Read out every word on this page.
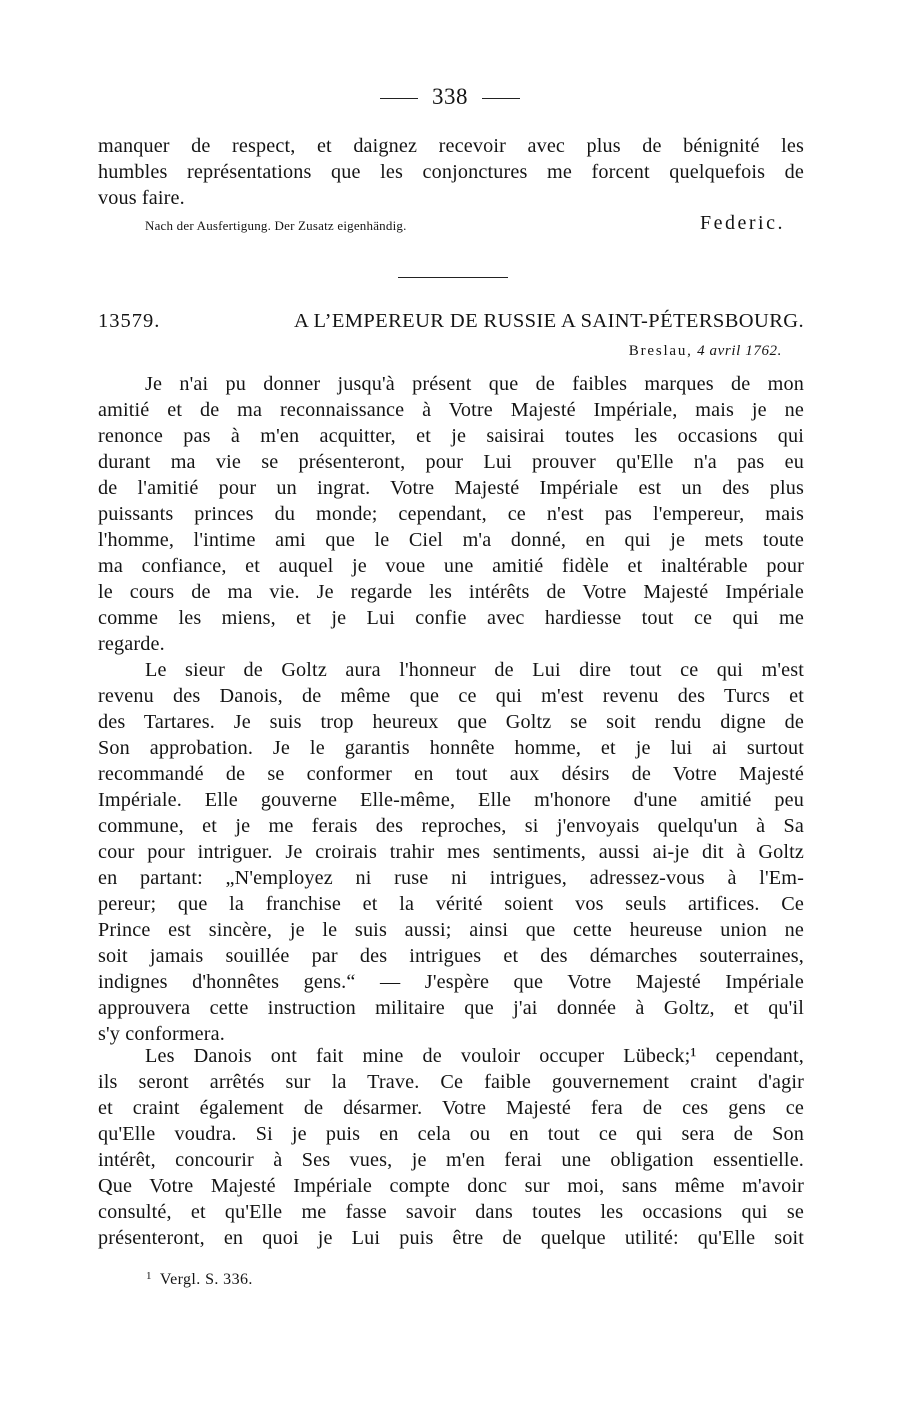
338
manquer de respect, et daignez recevoir avec plus de bénignité les
humbles représentations que les conjonctures me forcent quelquefois de
vous faire.
Nach der Ausfertigung. Der Zusatz eigenhändig.	Federic.
13579.	A L’EMPEREUR DE RUSSIE A SAINT-PÉTERSBOURG.
Breslau, 4 avril 1762.
Je n'ai pu donner jusqu'à présent que de faibles marques de mon
amitié et de ma reconnaissance à Votre Majesté Impériale, mais je ne
renonce pas à m'en acquitter, et je saisirai toutes les occasions qui
durant ma vie se présenteront, pour Lui prouver qu'Elle n'a pas eu
de l'amitié pour un ingrat. Votre Majesté Impériale est un des plus
puissants princes du monde; cependant, ce n'est pas l'empereur, mais
l'homme, l'intime ami que le Ciel m'a donné, en qui je mets toute
ma confiance, et auquel je voue une amitié fidèle et inaltérable pour
le cours de ma vie. Je regarde les intérêts de Votre Majesté Impériale
comme les miens, et je Lui confie avec hardiesse tout ce qui me
regarde.
Le sieur de Goltz aura l'honneur de Lui dire tout ce qui m'est
revenu des Danois, de même que ce qui m'est revenu des Turcs et
des Tartares. Je suis trop heureux que Goltz se soit rendu digne de
Son approbation. Je le garantis honnête homme, et je lui ai surtout
recommandé de se conformer en tout aux désirs de Votre Majesté
Impériale. Elle gouverne Elle-même, Elle m'honore d'une amitié peu
commune, et je me ferais des reproches, si j'envoyais quelqu'un à Sa
cour pour intriguer. Je croirais trahir mes sentiments, aussi ai-je dit à Goltz
en partant: „N'employez ni ruse ni intrigues, adressez-vous à l'Em-
pereur; que la franchise et la vérité soient vos seuls artifices. Ce
Prince est sincère, je le suis aussi; ainsi que cette heureuse union ne
soit jamais souillée par des intrigues et des démarches souterraines,
indignes d'honnêtes gens.“ — J'espère que Votre Majesté Impériale
approuvera cette instruction militaire que j'ai donnée à Goltz, et qu'il
s'y conformera.
Les Danois ont fait mine de vouloir occuper Lübeck;¹ cependant,
ils seront arrêtés sur la Trave. Ce faible gouvernement craint d'agir
et craint également de désarmer. Votre Majesté fera de ces gens ce
qu'Elle voudra. Si je puis en cela ou en tout ce qui sera de Son
intérêt, concourir à Ses vues, je m'en ferai une obligation essentielle.
Que Votre Majesté Impériale compte donc sur moi, sans même m'avoir
consulté, et qu'Elle me fasse savoir dans toutes les occasions qui se
présenteront, en quoi je Lui puis être de quelque utilité: qu'Elle soit
$^1$ Vergl. S. 336.
